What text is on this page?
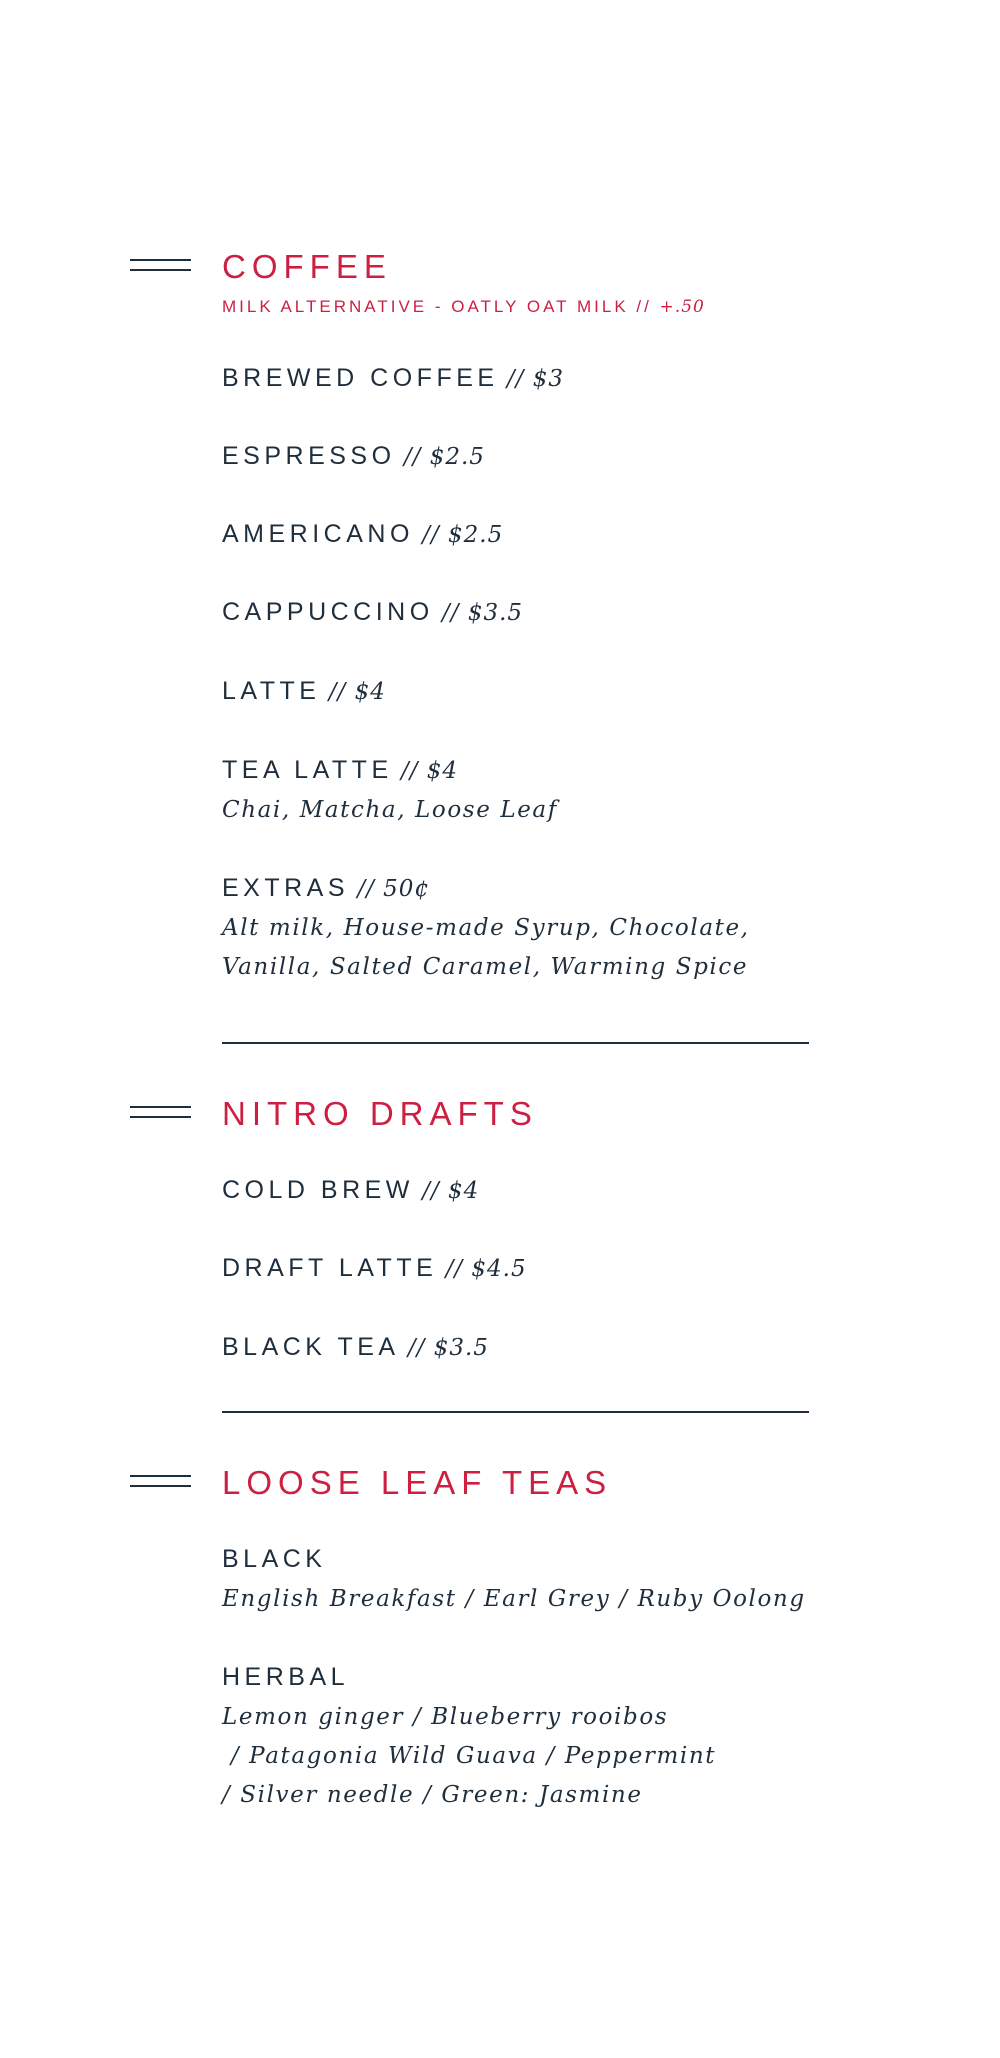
COFFEE
MILK ALTERNATIVE - OATLY OAT MILK // +.50
BREWED COFFEE // $3
ESPRESSO // $2.5
AMERICANO // $2.5
CAPPUCCINO // $3.5
LATTE // $4
TEA LATTE // $4
Chai, Matcha, Loose Leaf
EXTRAS // 50¢
Alt milk, House-made Syrup, Chocolate,
Vanilla, Salted Caramel, Warming Spice
NITRO DRAFTS
COLD BREW // $4
DRAFT LATTE // $4.5
BLACK TEA // $3.5
LOOSE LEAF TEAS
BLACK
English Breakfast / Earl Grey / Ruby Oolong
HERBAL
Lemon ginger / Blueberry rooibos
/ Patagonia Wild Guava / Peppermint
/ Silver needle / Green: Jasmine
